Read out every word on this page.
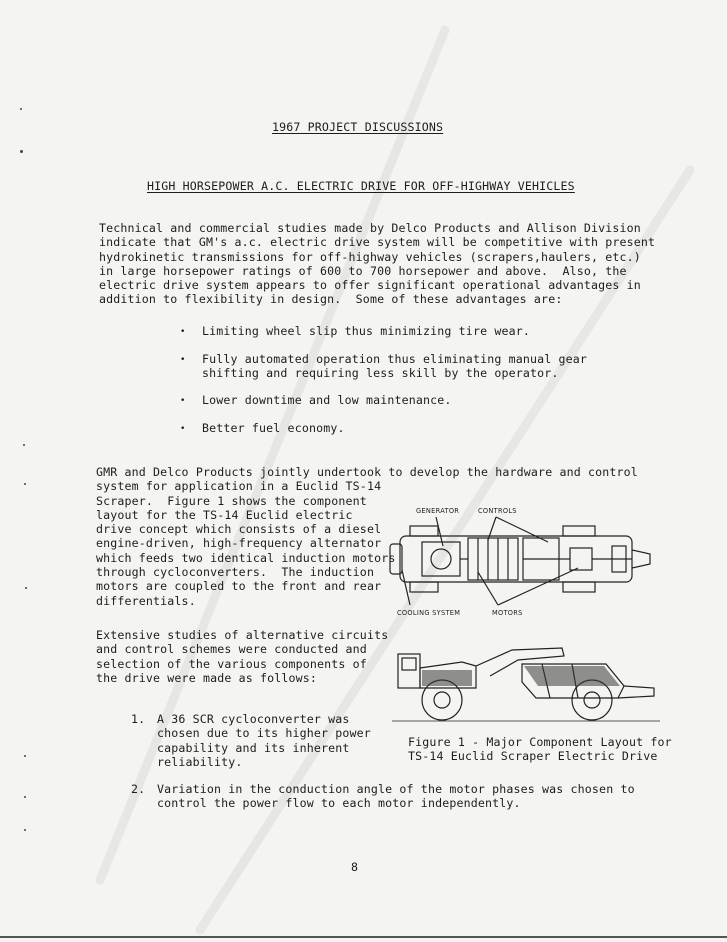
1967 PROJECT DISCUSSIONS
HIGH HORSEPOWER A.C. ELECTRIC DRIVE FOR OFF-HIGHWAY VEHICLES
Technical and commercial studies made by Delco Products and Allison Division
indicate that GM's a.c. electric drive system will be competitive with present
hydrokinetic transmissions for off-highway vehicles (scrapers,haulers, etc.)
in large horsepower ratings of 600 to 700 horsepower and above.  Also, the
electric drive system appears to offer significant operational advantages in
addition to flexibility in design.  Some of these advantages are:
• Limiting wheel slip thus minimizing tire wear.
• Fully automated operation thus eliminating manual gear
shifting and requiring less skill by the operator.
• Lower downtime and low maintenance.
• Better fuel economy.
GMR and Delco Products jointly undertook to develop the hardware and control
system for application in a Euclid TS-14
Scraper.  Figure 1 shows the component
layout for the TS-14 Euclid electric
drive concept which consists of a diesel
engine-driven, high-frequency alternator
which feeds two identical induction motors
through cycloconverters.  The induction
motors are coupled to the front and rear
differentials.
Extensive studies of alternative circuits
and control schemes were conducted and
selection of the various components of
the drive were made as follows:
1. A 36 SCR cycloconverter was
chosen due to its higher power
capability and its inherent
reliability.
2. Variation in the conduction angle of the motor phases was chosen to
control the power flow to each motor independently.
GENERATOR	CONTROLS
COOLING SYSTEM	MOTORS
Figure 1 - Major Component Layout for
TS-14 Euclid Scraper Electric Drive
8
